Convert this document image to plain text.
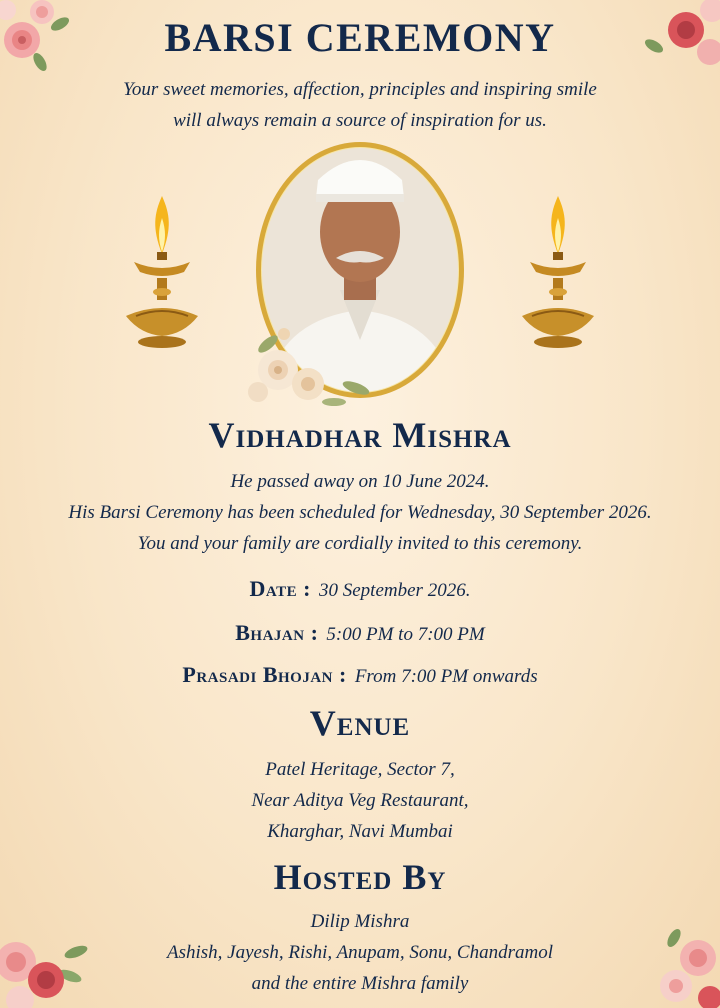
BARSI CEREMONY
Your sweet memories, affection, principles and inspiring smile
will always remain a source of inspiration for us.
Vidhadhar Mishra
He passed away on 10 June 2024.
His Barsi Ceremony has been scheduled for Wednesday, 30 September 2026.
You and your family are cordially invited to this ceremony.
Date : 30 September 2026.
Bhajan : 5:00 PM to 7:00 PM
Prasadi Bhojan : From 7:00 PM onwards
Venue
Patel Heritage, Sector 7,
Near Aditya Veg Restaurant,
Kharghar, Navi Mumbai
Hosted By
Dilip Mishra
Ashish, Jayesh, Rishi, Anupam, Sonu, Chandramol
and the entire Mishra family
